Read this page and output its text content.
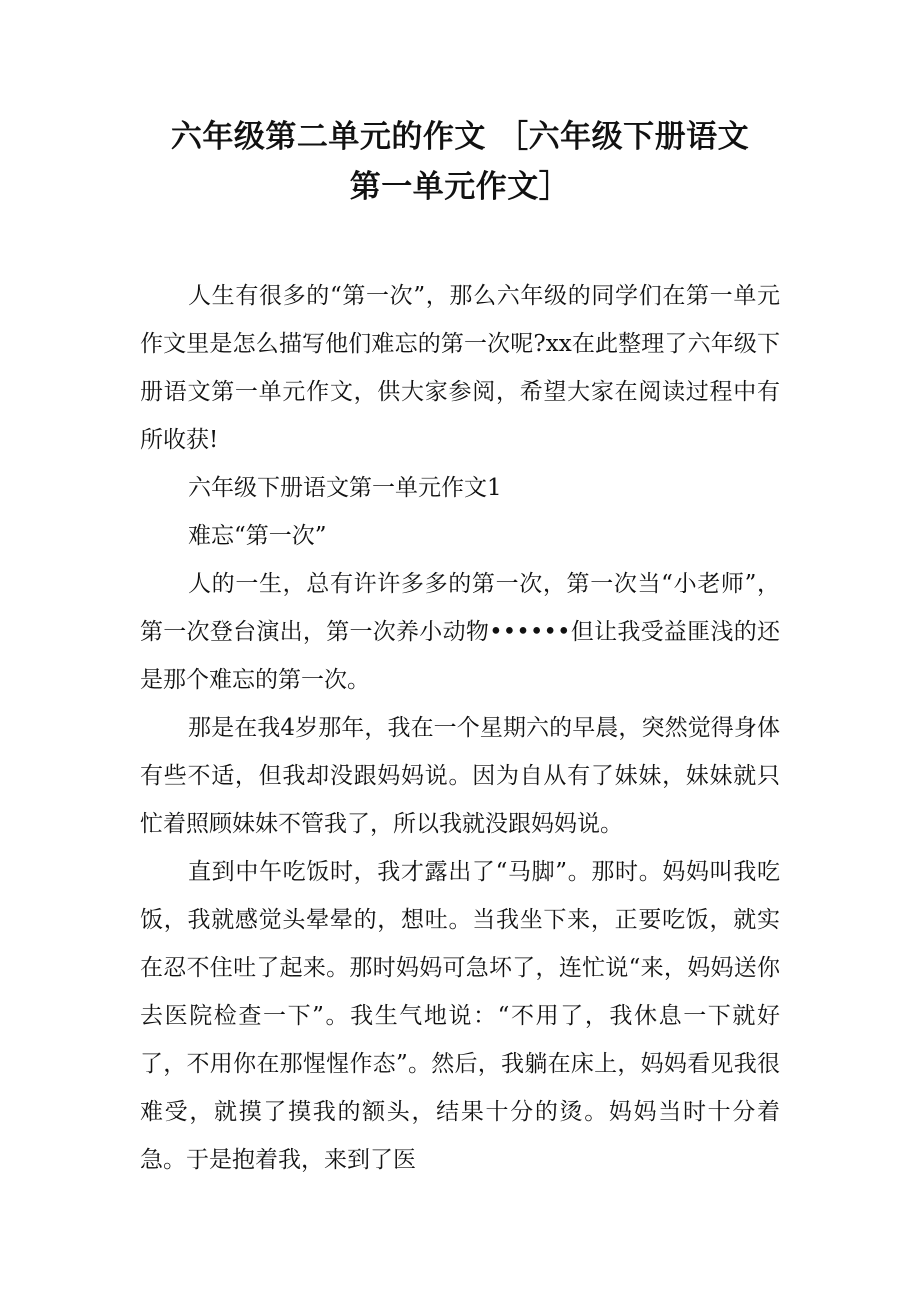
六年级第二单元的作文 ［六年级下册语文
第一单元作文］

人生有很多的“第一次”，那么六年级的同学们在第一单元作文里是怎么描写他们难忘的第一次呢?xx在此整理了六年级下册语文第一单元作文，供大家参阅，希望大家在阅读过程中有所收获!

六年级下册语文第一单元作文1

难忘“第一次”

人的一生，总有许许多多的第一次，第一次当“小老师”，第一次登台演出，第一次养小动物••••••但让我受益匪浅的还是那个难忘的第一次。

那是在我4岁那年，我在一个星期六的早晨，突然觉得身体有些不适，但我却没跟妈妈说。因为自从有了妹妹，妹妹就只忙着照顾妹妹不管我了，所以我就没跟妈妈说。

直到中午吃饭时，我才露出了“马脚”。那时。妈妈叫我吃饭，我就感觉头晕晕的，想吐。当我坐下来，正要吃饭，就实在忍不住吐了起来。那时妈妈可急坏了，连忙说“来，妈妈送你去医院检查一下”。我生气地说：“不用了，我休息一下就好了，不用你在那惺惺作态”。然后，我躺在床上，妈妈看见我很难受，就摸了摸我的额头，结果十分的烫。妈妈当时十分着急。于是抱着我，来到了医
